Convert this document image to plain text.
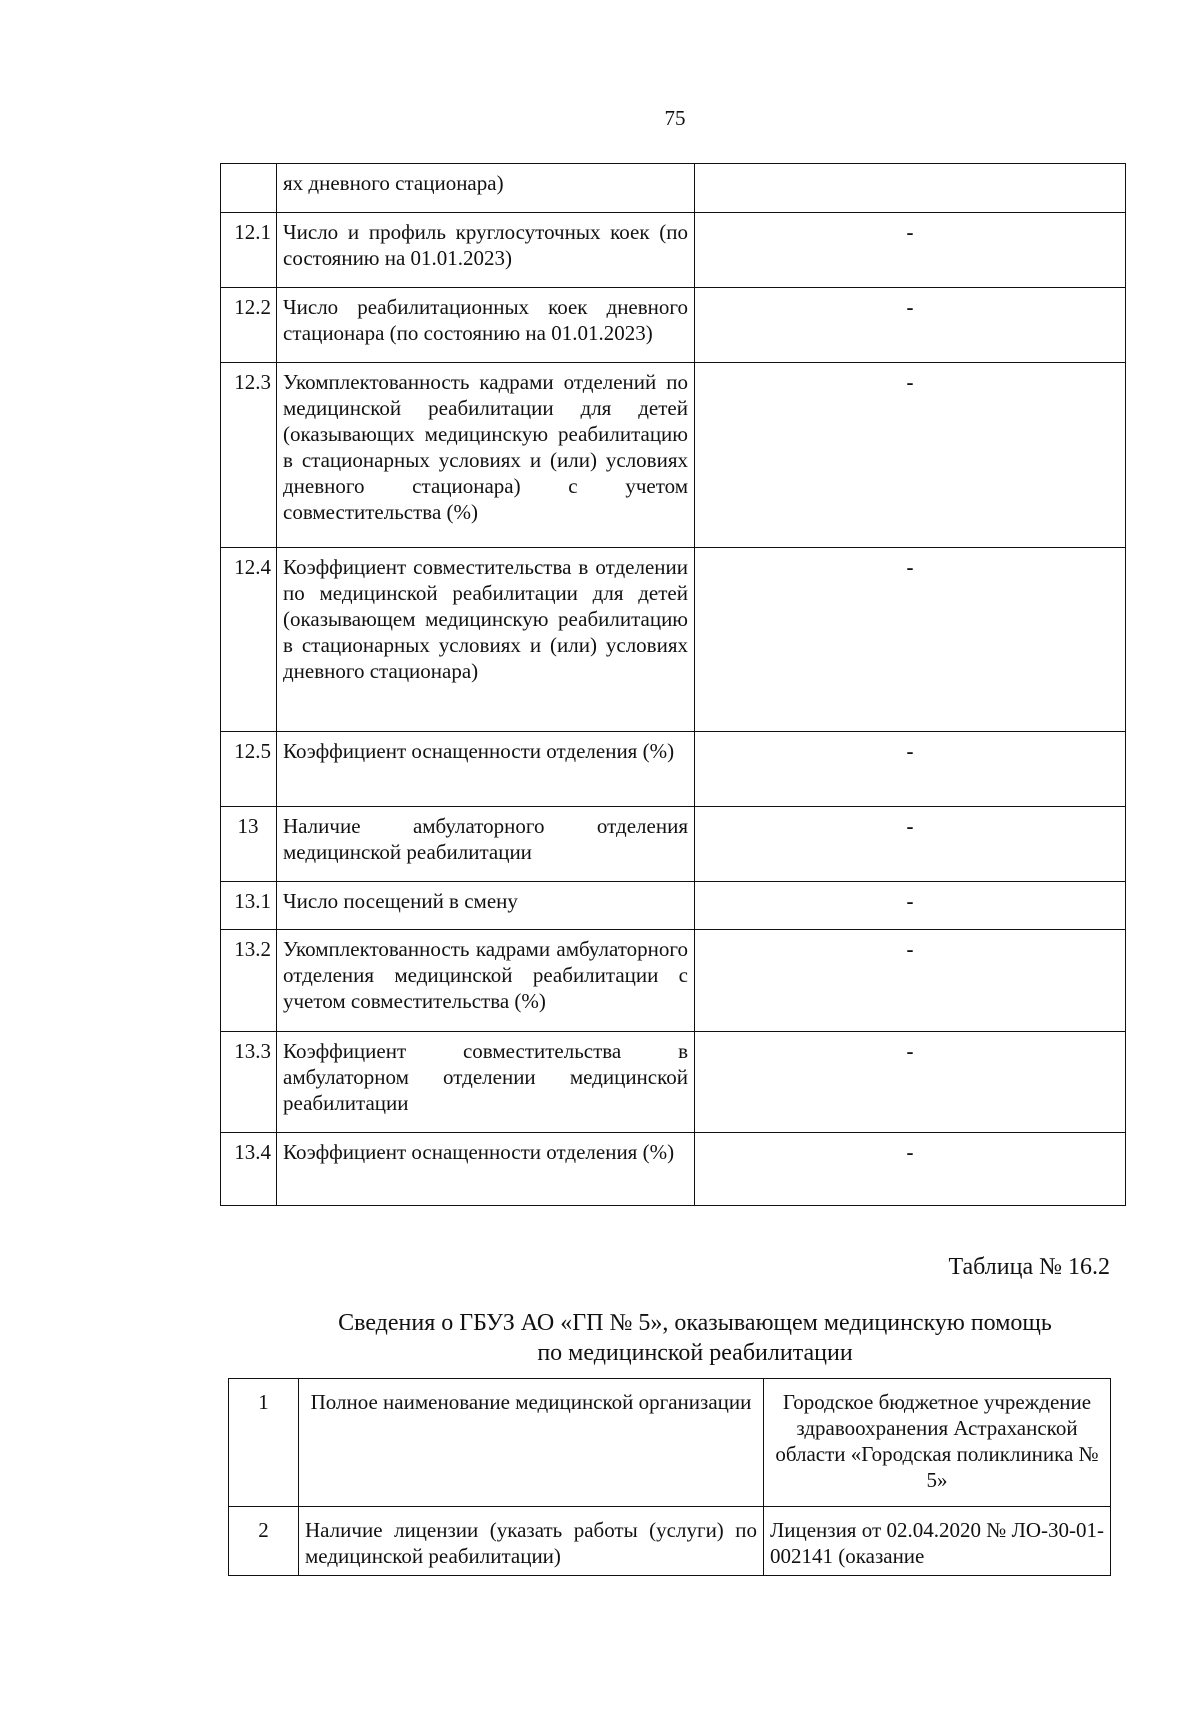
75
	ях дневного стационара)	
12.1	Число и профиль круглосуточных коек (по состоянию на 01.01.2023)	-
12.2	Число реабилитационных коек дневного стационара (по состоянию на 01.01.2023)	-
12.3	Укомплектованность кадрами отделений по медицинской реабилитации для детей (оказывающих медицинскую реабилитацию в стационарных условиях и (или) условиях дневного стационара) с учетом совместительства (%)	-
12.4	Коэффициент совместительства в отделении по медицинской реабилитации для детей (оказывающем медицинскую реабилитацию в стационарных условиях и (или) условиях дневного стационара)	-
12.5	Коэффициент оснащенности отделения (%)	-
13	Наличие амбулаторного отделения медицинской реабилитации	-
13.1	Число посещений в смену	-
13.2	Укомплектованность кадрами амбулаторного отделения медицинской реабилитации с учетом совместительства (%)	-
13.3	Коэффициент совместительства в амбулаторном отделении медицинской реабилитации	-
13.4	Коэффициент оснащенности отделения (%)	-
Таблица № 16.2
Сведения о ГБУЗ АО «ГП № 5», оказывающем медицинскую помощь
по медицинской реабилитации
1	Полное наименование медицинской организации	Городское бюджетное учреждение здравоохранения Астраханской области «Городская поликлиника № 5»
2	Наличие лицензии (указать работы (услуги) по медицинской реабилитации)	Лицензия от 02.04.2020 № ЛО-30-01-002141 (оказание
